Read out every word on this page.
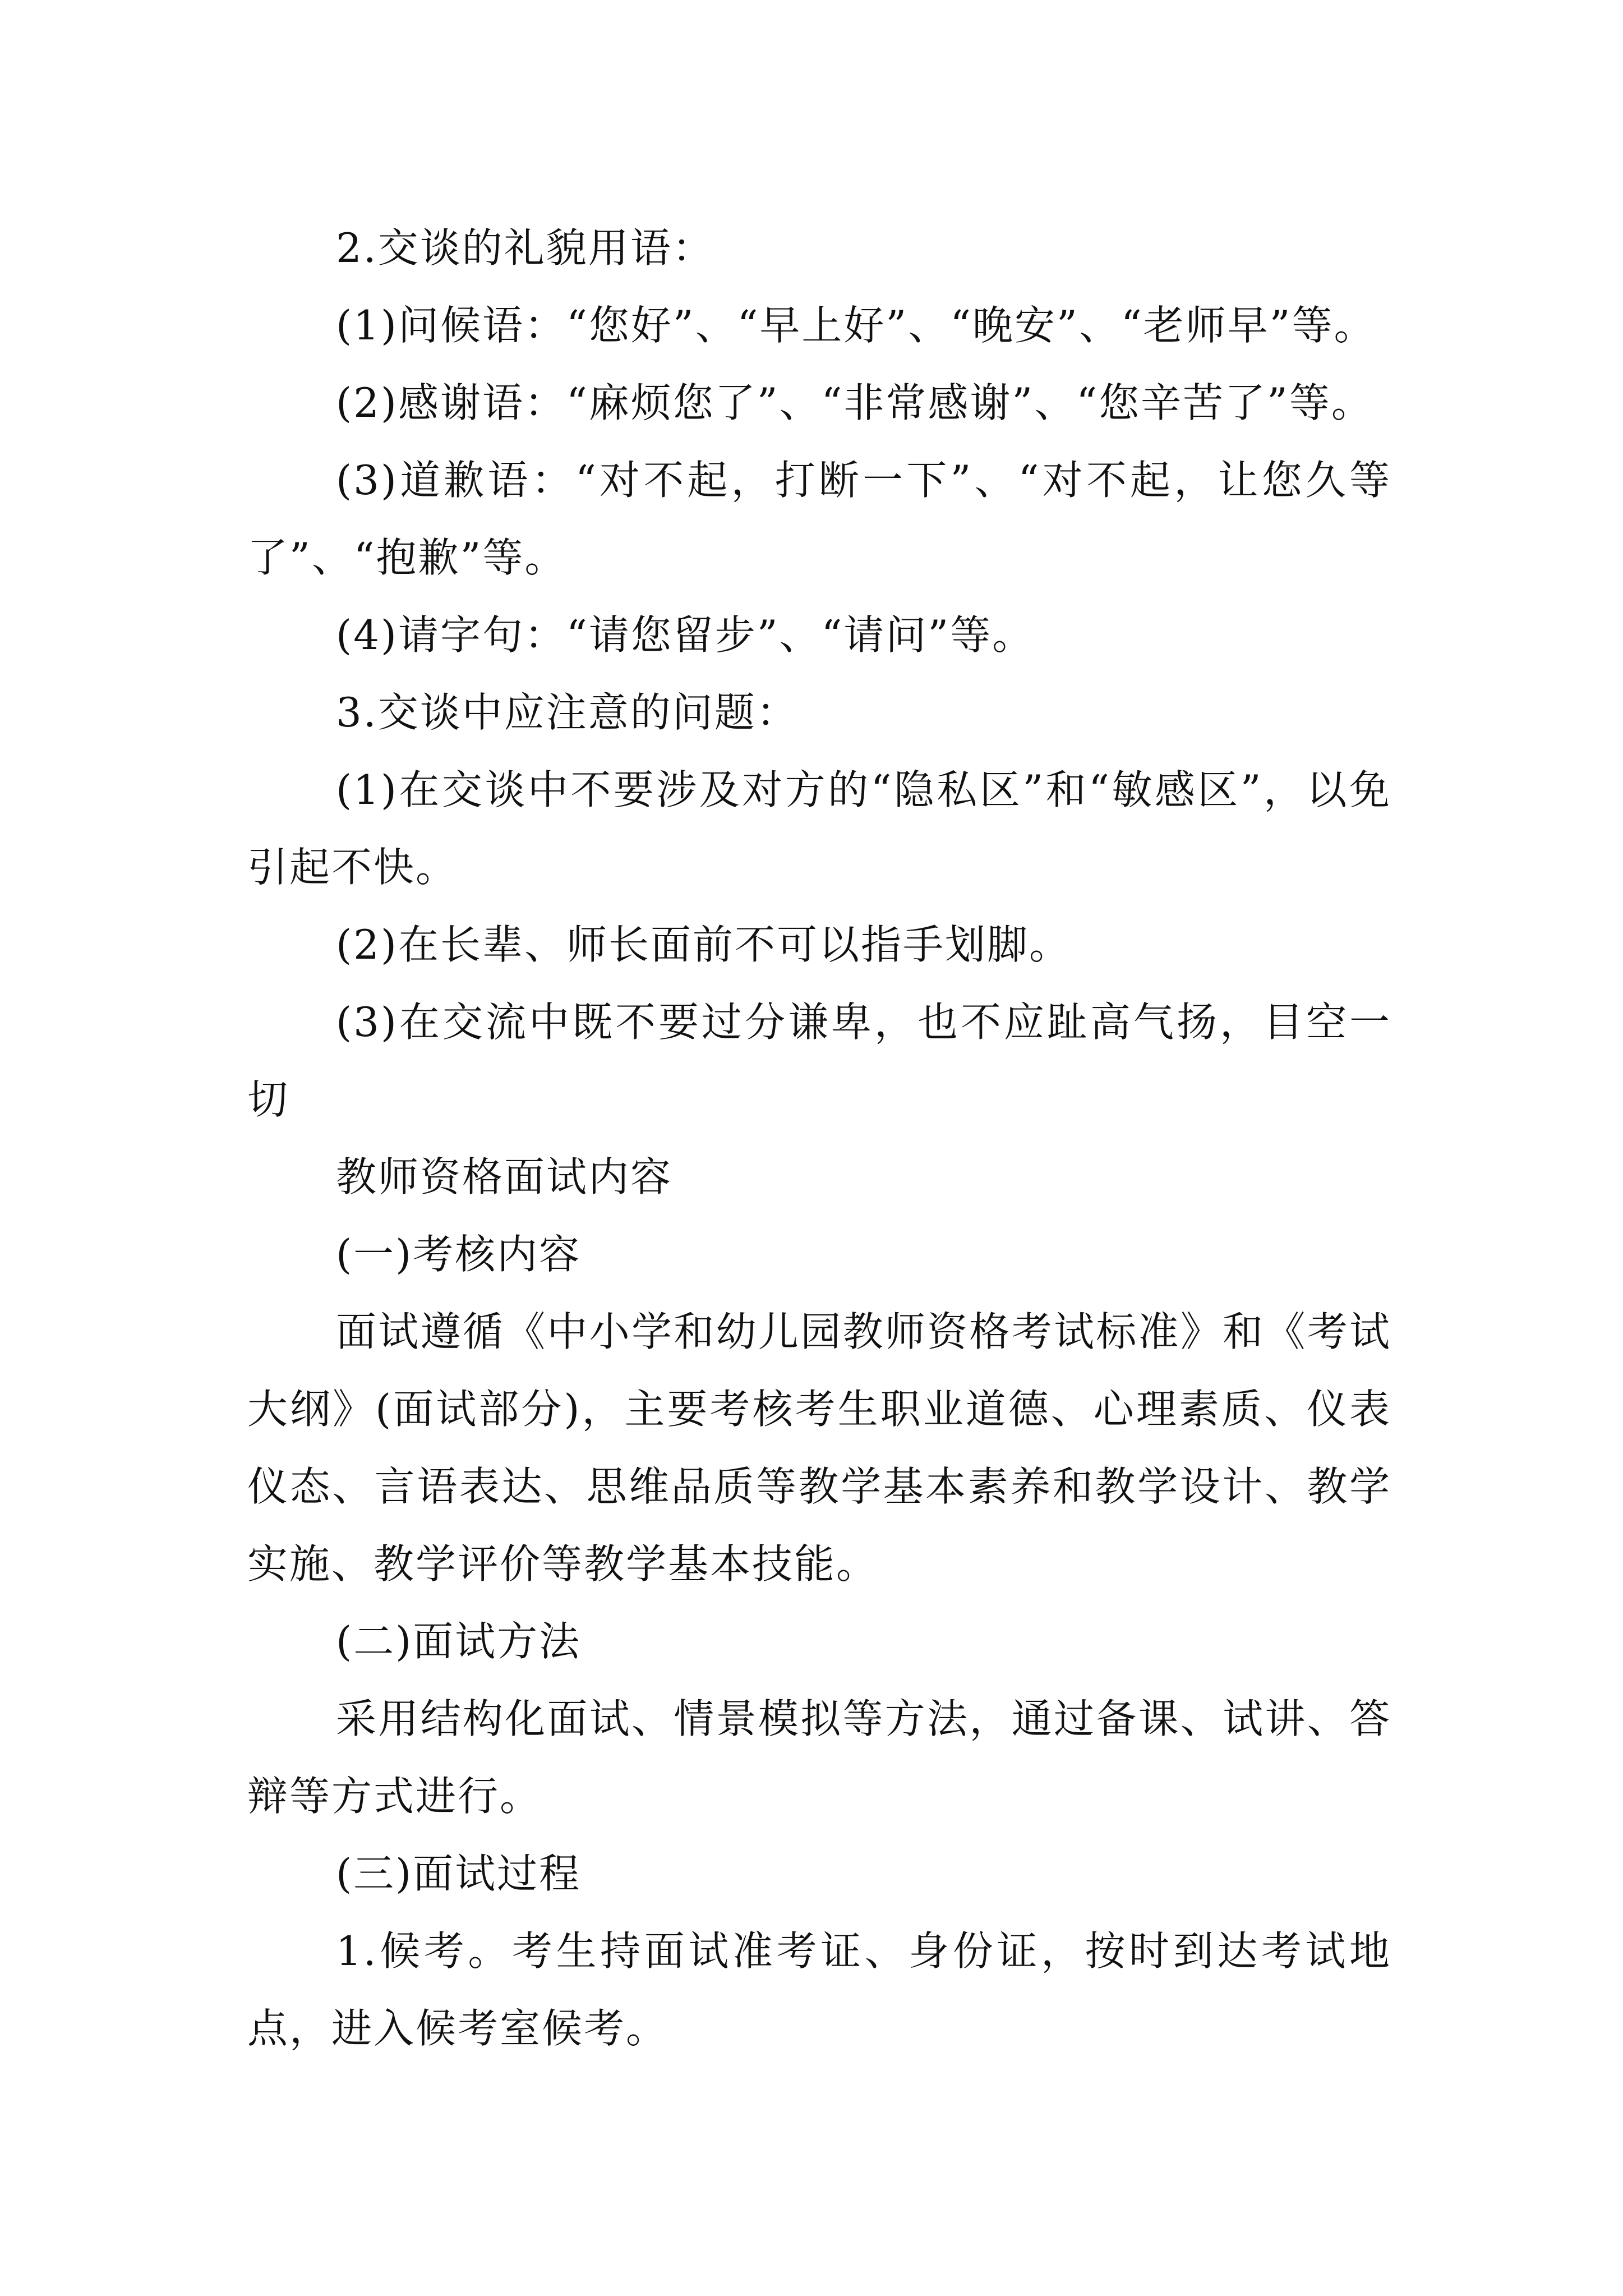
2.交谈的礼貌用语：

(1)问候语：“您好”、“早上好”、“晚安”、“老师早”等。

(2)感谢语：“麻烦您了”、“非常感谢”、“您辛苦了”等。

(3)道歉语：“对不起，打断一下”、“对不起，让您久等了”、“抱歉”等。

(4)请字句：“请您留步”、“请问”等。

3.交谈中应注意的问题：

(1)在交谈中不要涉及对方的“隐私区”和“敏感区”，以免引起不快。

(2)在长辈、师长面前不可以指手划脚。

(3)在交流中既不要过分谦卑，也不应趾高气扬，目空一切

教师资格面试内容

(一)考核内容

面试遵循《中小学和幼儿园教师资格考试标准》和《考试大纲》(面试部分)，主要考核考生职业道德、心理素质、仪表仪态、言语表达、思维品质等教学基本素养和教学设计、教学实施、教学评价等教学基本技能。

(二)面试方法

采用结构化面试、情景模拟等方法，通过备课、试讲、答辩等方式进行。

(三)面试过程

1.候考。考生持面试准考证、身份证，按时到达考试地点，进入候考室候考。
